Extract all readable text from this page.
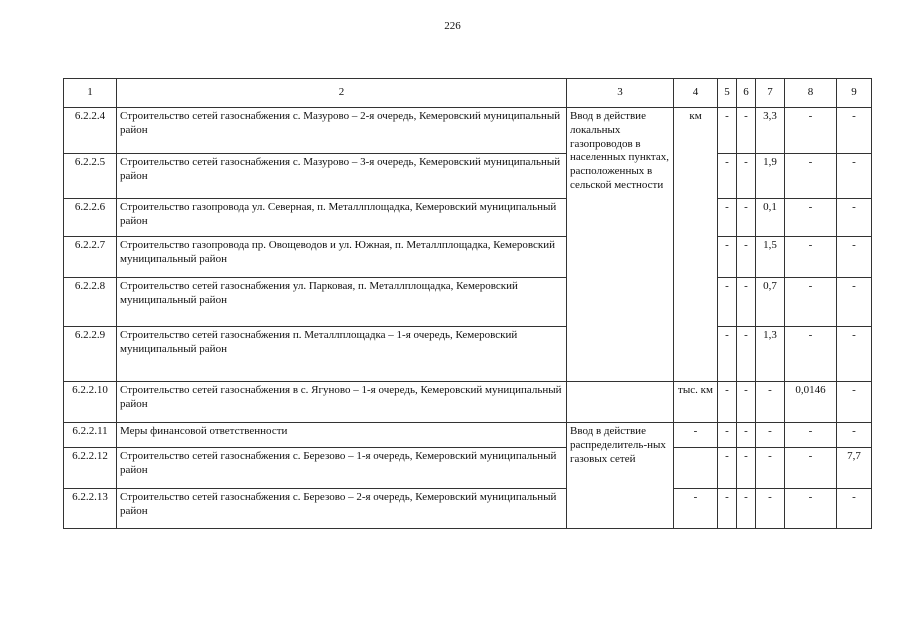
226
1	2	3	4	5	6	7	8	9
6.2.2.4	Строительство сетей газоснабжения с. Мазурово – 2-я очередь, Кемеровский муниципальный район	Ввод в действие локальных газопроводов в населенных пунктах, расположенных в сельской местности	км	-	-	3,3	-	-
6.2.2.5	Строительство сетей газоснабжения с. Мазурово – 3-я очередь, Кемеровский муниципальный район			-	-	1,9	-	-
6.2.2.6	Строительство газопровода ул. Северная, п. Металлплощадка, Кемеровский муниципальный район			-	-	0,1	-	-
6.2.2.7	Строительство газопровода пр. Овощеводов и ул. Южная, п. Металлплощадка, Кемеровский муниципальный район			-	-	1,5	-	-
6.2.2.8	Строительство сетей газоснабжения ул. Парковая, п. Металлплощадка, Кемеровский муниципальный район			-	-	0,7	-	-
6.2.2.9	Строительство сетей газоснабжения п. Металлплощадка – 1-я очередь, Кемеровский муниципальный район			-	-	1,3	-	-
6.2.2.10	Строительство сетей газоснабжения в с. Ягуново – 1-я очередь, Кемеровский муниципальный район		тыс. км	-	-	-	0,0146	-
6.2.2.11	Меры финансовой ответственности	Ввод в действие распределитель-ных газовых сетей	-	-	-	-	-	-
6.2.2.12	Строительство сетей газоснабжения с. Березово – 1-я очередь, Кемеровский муниципальный район			-	-	-	-	7,7
6.2.2.13	Строительство сетей газоснабжения с. Березово – 2-я очередь, Кемеровский муниципальный район		-	-	-	-	-	-
